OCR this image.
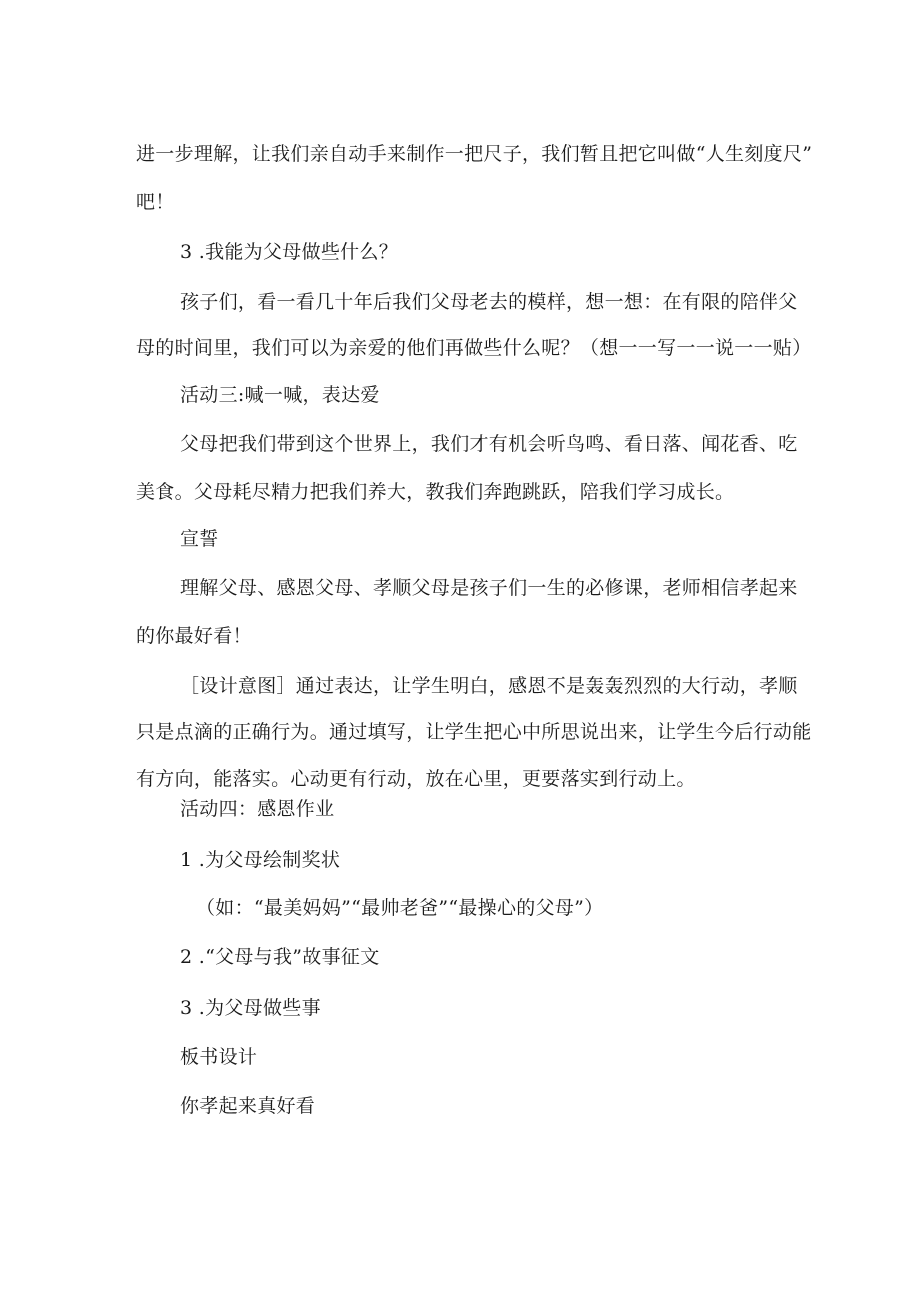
进一步理解，让我们亲自动手来制作一把尺子，我们暂且把它叫做“人生刻度尺”
吧！
3 .我能为父母做些什么？
孩子们，看一看几十年后我们父母老去的模样，想一想：在有限的陪伴父
母的时间里，我们可以为亲爱的他们再做些什么呢？（想一一写一一说一一贴）
活动三:喊一喊，表达爱
父母把我们带到这个世界上，我们才有机会听鸟鸣、看日落、闻花香、吃
美食。父母耗尽精力把我们养大，教我们奔跑跳跃，陪我们学习成长。
宣誓
理解父母、感恩父母、孝顺父母是孩子们一生的必修课，老师相信孝起来
的你最好看！
［设计意图］通过表达，让学生明白，感恩不是轰轰烈烈的大行动，孝顺
只是点滴的正确行为。通过填写，让学生把心中所思说出来，让学生今后行动能
有方向，能落实。心动更有行动，放在心里，更要落实到行动上。
活动四：感恩作业
1 .为父母绘制奖状
（如：“最美妈妈”“最帅老爸”“最操心的父母”）
2 .“父母与我”故事征文
3 .为父母做些事
板书设计
你孝起来真好看
